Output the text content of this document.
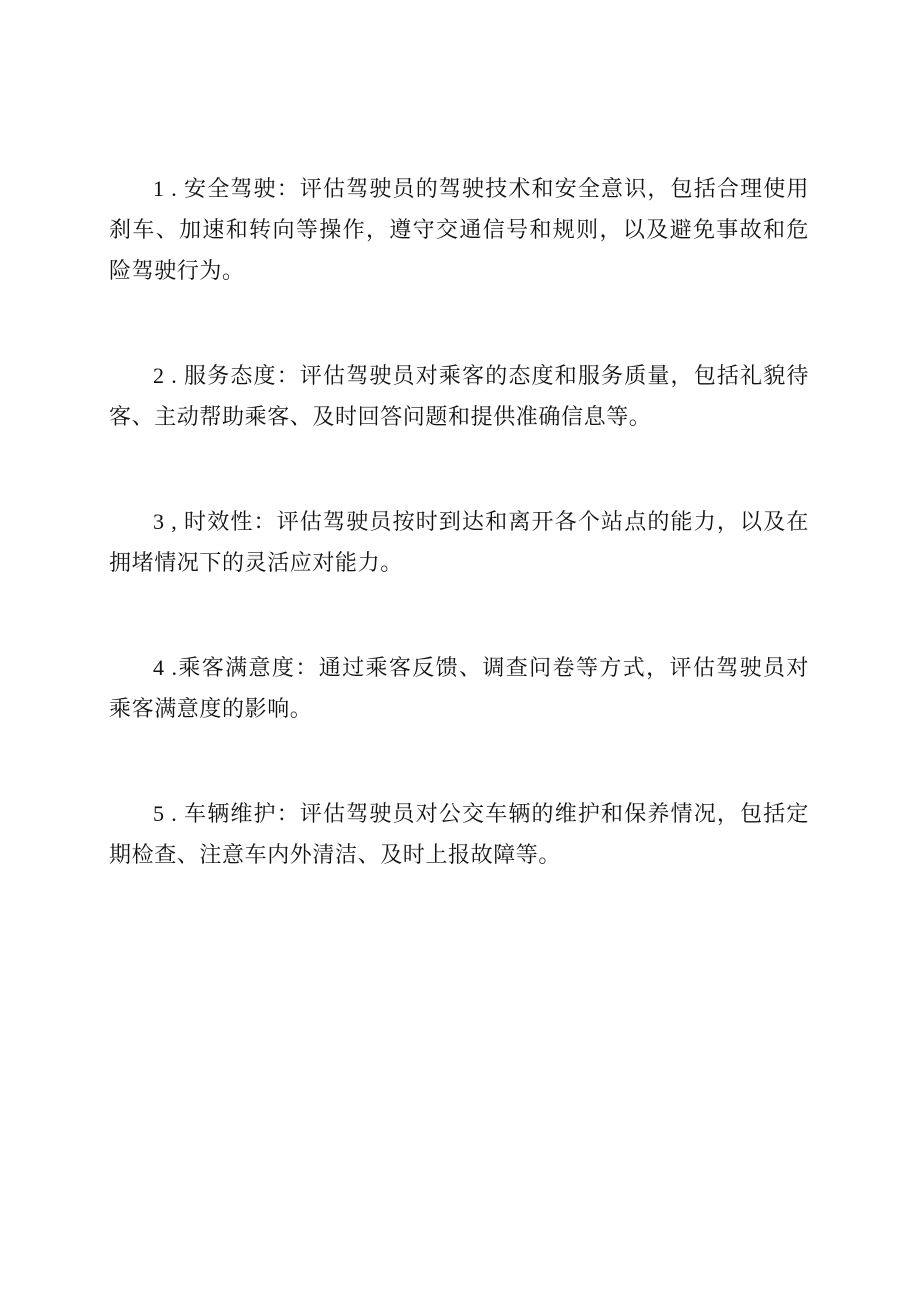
1 . 安全驾驶：评估驾驶员的驾驶技术和安全意识，包括合理使用刹车、加速和转向等操作，遵守交通信号和规则，以及避免事故和危险驾驶行为。

2 . 服务态度：评估驾驶员对乘客的态度和服务质量，包括礼貌待客、主动帮助乘客、及时回答问题和提供准确信息等。

3 , 时效性：评估驾驶员按时到达和离开各个站点的能力，以及在拥堵情况下的灵活应对能力。

4 .乘客满意度：通过乘客反馈、调查问卷等方式，评估驾驶员对乘客满意度的影响。

5 . 车辆维护：评估驾驶员对公交车辆的维护和保养情况，包括定期检查、注意车内外清洁、及时上报故障等。
